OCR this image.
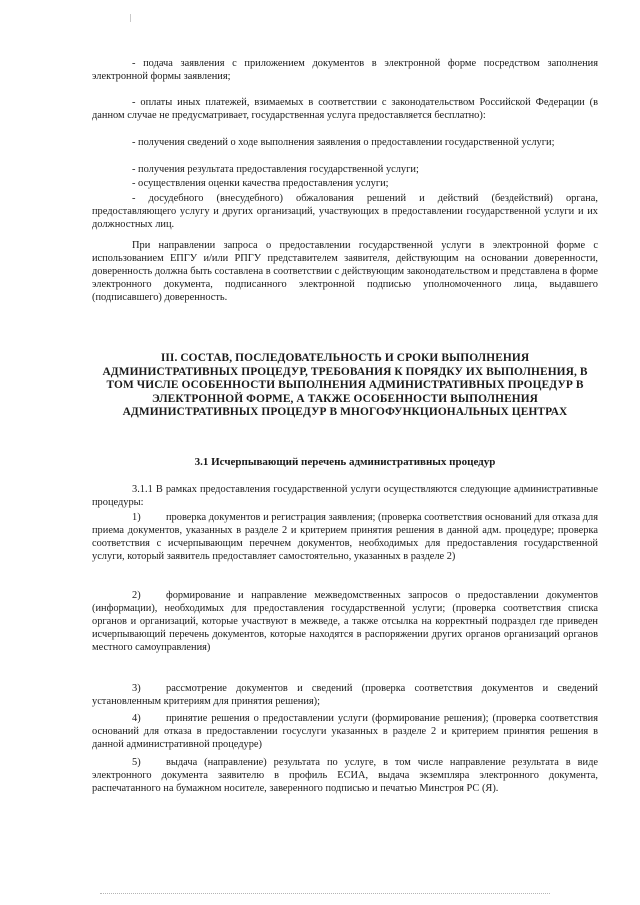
- подача заявления с приложением документов в электронной форме посредством заполнения электронной формы заявления;

- оплаты иных платежей, взимаемых в соответствии с законодательством Российской Федерации (в данном случае не предусматривает, государственная услуга предоставляется бесплатно):

- получения сведений о ходе выполнения заявления о предоставлении государственной услуги;

- получения результата предоставления государственной услуги;

- осуществления оценки качества предоставления услуги;

- досудебного (внесудебного) обжалования решений и действий (бездействий) органа, предоставляющего услугу и других организаций, участвующих в предоставлении государственной услуги и их должностных лиц.

При направлении запроса о предоставлении государственной услуги в электронной форме с использованием ЕПГУ и/или РПГУ представителем заявителя, действующим на основании доверенности, доверенность должна быть составлена в соответствии с действующим законодательством и представлена в форме электронного документа, подписанного электронной подписью уполномоченного лица, выдавшего (подписавшего) доверенность.

III. СОСТАВ, ПОСЛЕДОВАТЕЛЬНОСТЬ И СРОКИ ВЫПОЛНЕНИЯ АДМИНИСТРАТИВНЫХ ПРОЦЕДУР, ТРЕБОВАНИЯ К ПОРЯДКУ ИХ ВЫПОЛНЕНИЯ, В ТОМ ЧИСЛЕ ОСОБЕННОСТИ ВЫПОЛНЕНИЯ АДМИНИСТРАТИВНЫХ ПРОЦЕДУР В ЭЛЕКТРОННОЙ ФОРМЕ, А ТАКЖЕ ОСОБЕННОСТИ ВЫПОЛНЕНИЯ АДМИНИСТРАТИВНЫХ ПРОЦЕДУР В МНОГОФУНКЦИОНАЛЬНЫХ ЦЕНТРАХ
3.1 Исчерпывающий перечень административных процедур

3.1.1 В рамках предоставления государственной услуги осуществляются следующие административные процедуры:

1) проверка документов и регистрация заявления; (проверка соответствия оснований для отказа для приема документов, указанных в разделе 2 и критерием принятия решения в данной адм. процедуре; проверка соответствия с исчерпывающим перечнем документов, необходимых для предоставления государственной услуги, который заявитель предоставляет самостоятельно, указанных в разделе 2)

2) формирование и направление межведомственных запросов о предоставлении документов (информации), необходимых для предоставления государственной услуги; (проверка соответствия списка органов и организаций, которые участвуют в межведе, а также отсылка на корректный подраздел где приведен исчерпывающий перечень документов, которые находятся в распоряжении других органов организаций органов местного самоуправления)

3) рассмотрение документов и сведений (проверка соответствия документов и сведений установленным критериям для принятия решения);

4) принятие решения о предоставлении услуги (формирование решения); (проверка соответствия оснований для отказа в предоставлении госуслуги указанных в разделе 2 и критерием принятия решения в данной административной процедуре)

5) выдача (направление) результата по услуге, в том числе направление результата в виде электронного документа заявителю в профиль ЕСИА, выдача экземпляра электронного документа, распечатанного на бумажном носителе, заверенного подписью и печатью Минстроя РС (Я).
